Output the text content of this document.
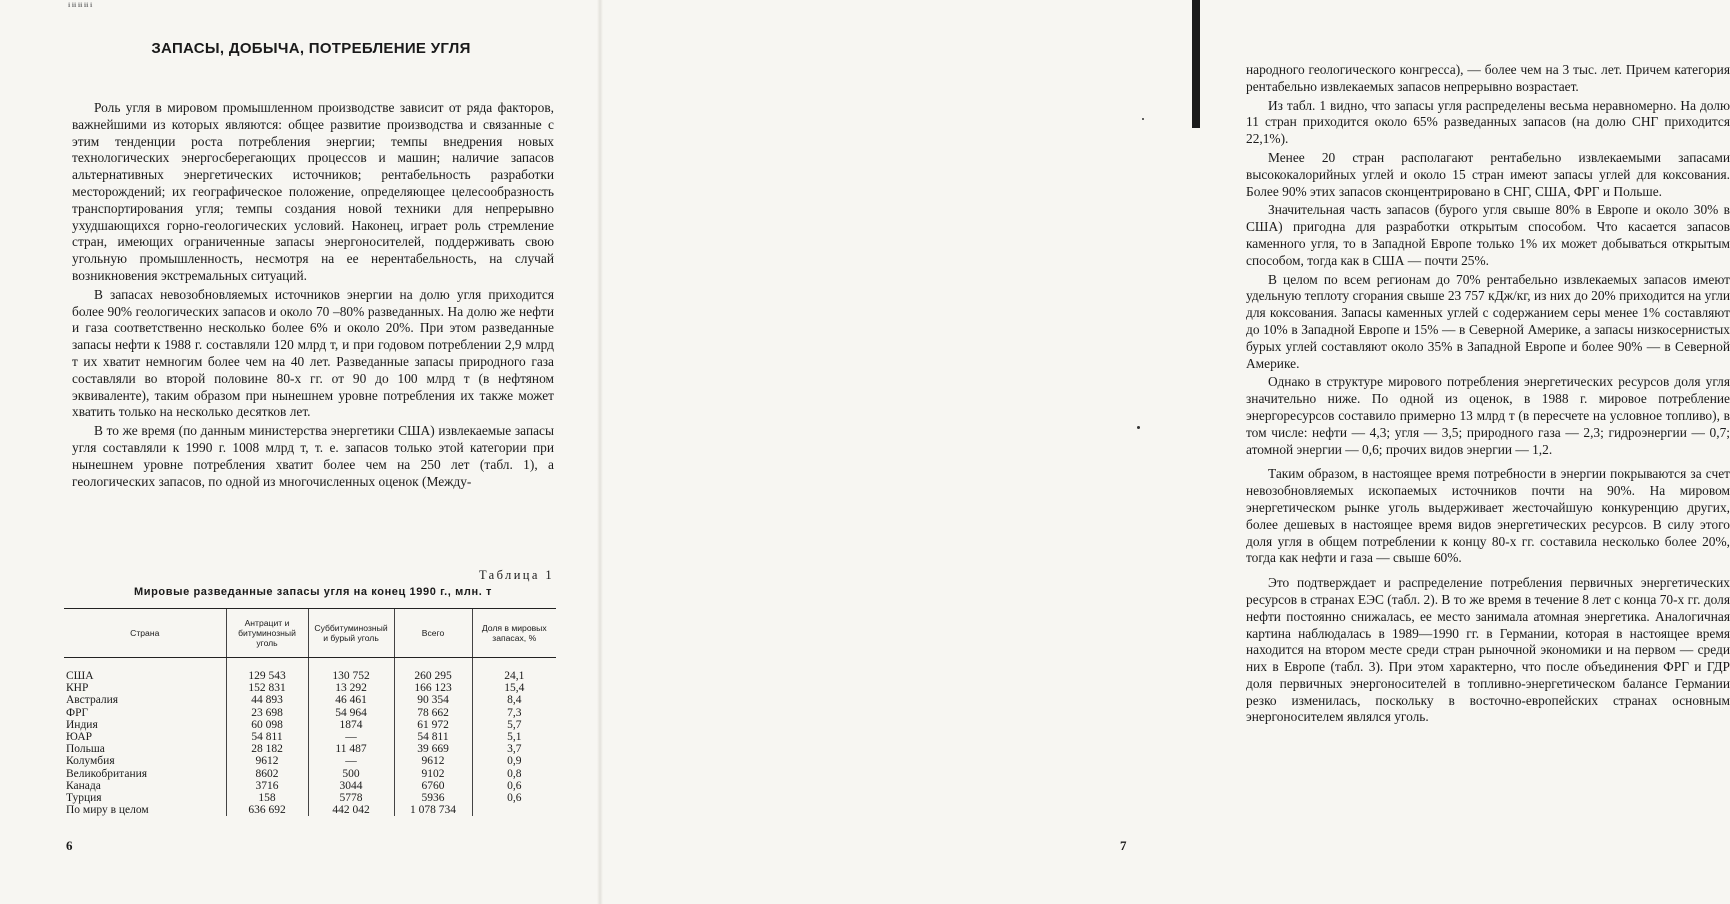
ℹ ℹℹ ℹℹ ℹℹ ℹ
ЗАПАСЫ, ДОБЫЧА, ПОТРЕБЛЕНИЕ УГЛЯ

Роль угля в мировом промышленном производстве зависит от ряда факторов, важнейшими из которых являются: общее развитие производства и связанные с этим тенденции роста потребления энергии; темпы внедрения новых технологических энергосберегающих процессов и машин; наличие запасов альтернативных энергетических источников; рентабельность разработки месторождений; их географическое положение, определяющее целесообразность транспортирования угля; темпы создания новой техники для непрерывно ухудшающихся горно-геологических условий. Наконец, играет роль стремление стран, имеющих ограниченные запасы энергоносителей, поддерживать свою угольную промышленность, несмотря на ее нерентабельность, на случай возникновения экстремальных ситуаций.

В запасах невозобновляемых источников энергии на долю угля приходится более 90% геологических запасов и около 70 –80% разведанных. На долю же нефти и газа соответственно несколько более 6% и около 20%. При этом разведанные запасы нефти к 1988 г. составляли 120 млрд т, и при годовом потреблении 2,9 млрд т их хватит немногим более чем на 40 лет. Разведанные запасы природного газа составляли во второй половине 80-х гг. от 90 до 100 млрд т (в нефтяном эквиваленте), таким образом при нынешнем уровне потребления их также может хватить только на несколько десятков лет.

В то же время (по данным министерства энергетики США) извлекаемые запасы угля составляли к 1990 г. 1008 млрд т, т. е. запасов только этой категории при нынешнем уровне потребления хватит более чем на 250 лет (табл. 1), а геологических запасов, по одной из многочисленных оценок (Между-

Таблица 1
Мировые разведанные запасы угля на конец 1990 г., млн. т
Страна	Антрацит и битуминозный уголь	Суббитуминозный и бурый уголь	Всего	Доля в мировых запасах, %
США	129 543	130 752	260 295	24,1
КНР	152 831	13 292	166 123	15,4
Австралия	44 893	46 461	90 354	8,4
ФРГ	23 698	54 964	78 662	7,3
Индия	60 098	1874	61 972	5,7
ЮАР	54 811	—	54 811	5,1
Польша	28 182	11 487	39 669	3,7
Колумбия	9612	—	9612	0,9
Великобритания	8602	500	9102	0,8
Канада	3716	3044	6760	0,6
Турция	158	5778	5936	0,6
По миру в целом	636 692	442 042	1 078 734	
6

народного геологического конгресса), — более чем на 3 тыс. лет. Причем категория рентабельно извлекаемых запасов непрерывно возрастает.

Из табл. 1 видно, что запасы угля распределены весьма неравномерно. На долю 11 стран приходится около 65% разведанных запасов (на долю СНГ приходится 22,1%).

Менее 20 стран располагают рентабельно извлекаемыми запасами высококалорийных углей и около 15 стран имеют запасы углей для коксования. Более 90% этих запасов сконцентрировано в СНГ, США, ФРГ и Польше.

Значительная часть запасов (бурого угля свыше 80% в Европе и около 30% в США) пригодна для разработки открытым способом. Что касается запасов каменного угля, то в Западной Европе только 1% их может добываться открытым способом, тогда как в США — почти 25%.

В целом по всем регионам до 70% рентабельно извлекаемых запасов имеют удельную теплоту сгорания свыше 23 757 кДж/кг, из них до 20% приходится на угли для коксования. Запасы каменных углей с содержанием серы менее 1% составляют до 10% в Западной Европе и 15% — в Северной Америке, а запасы низкосернистых бурых углей составляют около 35% в Западной Европе и более 90% — в Северной Америке.

Однако в структуре мирового потребления энергетических ресурсов доля угля значительно ниже. По одной из оценок, в 1988 г. мировое потребление энергоресурсов составило примерно 13 млрд т (в пересчете на условное топливо), в том числе: нефти — 4,3; угля — 3,5; природного газа — 2,3; гидроэнергии — 0,7; атомной энергии — 0,6; прочих видов энергии — 1,2.

Таким образом, в настоящее время потребности в энергии покрываются за счет невозобновляемых ископаемых источников почти на 90%. На мировом энергетическом рынке уголь выдерживает жесточайшую конкуренцию других, более дешевых в настоящее время видов энергетических ресурсов. В силу этого доля угля в общем потреблении к концу 80-х гг. составила несколько более 20%, тогда как нефти и газа — свыше 60%.

Это подтверждает и распределение потребления первичных энергетических ресурсов в странах ЕЭС (табл. 2). В то же время в течение 8 лет с конца 70-х гг. доля нефти постоянно снижалась, ее место занимала атомная энергетика. Аналогичная картина наблюдалась в 1989—1990 гг. в Германии, которая в настоящее время находится на втором месте среди стран рыночной экономики и на первом — среди них в Европе (табл. 3). При этом характерно, что после объединения ФРГ и ГДР доля первичных энергоносителей в топливно-энергетическом балансе Германии резко изменилась, поскольку в восточно-европейских странах основным энергоносителем являлся уголь.

7
